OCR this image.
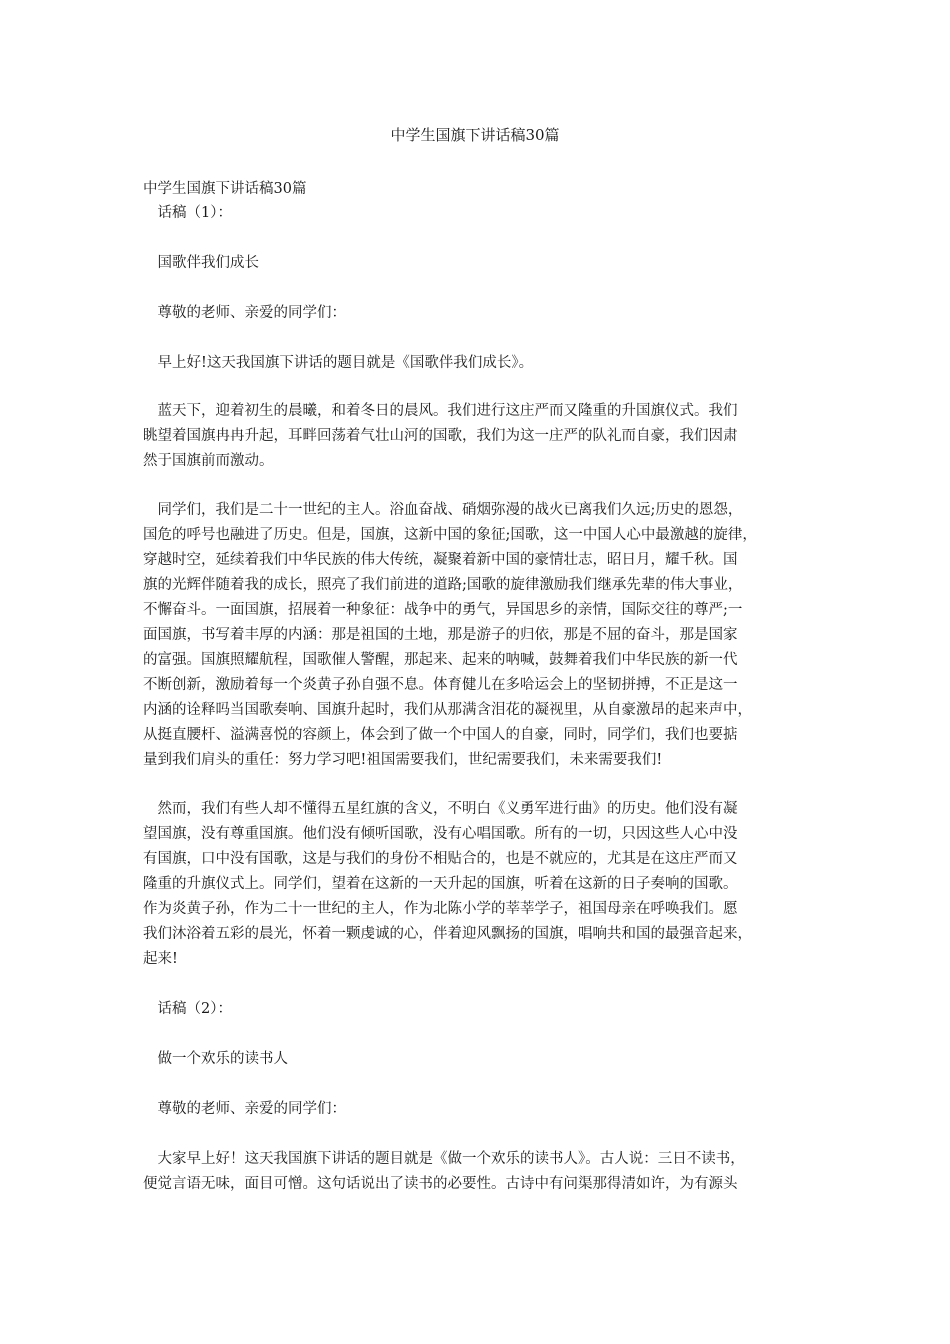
中学生国旗下讲话稿30篇
中学生国旗下讲话稿30篇
　话稿（1）：
　国歌伴我们成长
　尊敬的老师、亲爱的同学们：
　早上好!这天我国旗下讲话的题目就是《国歌伴我们成长》。
　蓝天下，迎着初生的晨曦，和着冬日的晨风。我们进行这庄严而又隆重的升国旗仪式。我们
眺望着国旗冉冉升起，耳畔回荡着气壮山河的国歌，我们为这一庄严的队礼而自豪，我们因肃
然于国旗前而激动。
　同学们，我们是二十一世纪的主人。浴血奋战、硝烟弥漫的战火已离我们久远;历史的恩怨，
国危的呼号也融进了历史。但是，国旗，这新中国的象征;国歌，这一中国人心中最激越的旋律，
穿越时空，延续着我们中华民族的伟大传统，凝聚着新中国的豪情壮志，昭日月，耀千秋。国
旗的光辉伴随着我的成长，照亮了我们前进的道路;国歌的旋律激励我们继承先辈的伟大事业，
不懈奋斗。一面国旗，招展着一种象征：战争中的勇气，异国思乡的亲情，国际交往的尊严;一
面国旗，书写着丰厚的内涵：那是祖国的土地，那是游子的归依，那是不屈的奋斗，那是国家
的富强。国旗照耀航程，国歌催人警醒，那起来、起来的呐喊，鼓舞着我们中华民族的新一代
不断创新，激励着每一个炎黄子孙自强不息。体育健儿在多哈运会上的坚韧拼搏，不正是这一
内涵的诠释吗当国歌奏响、国旗升起时，我们从那满含泪花的凝视里，从自豪激昂的起来声中，
从挺直腰杆、溢满喜悦的容颜上，体会到了做一个中国人的自豪，同时，同学们，我们也要掂
量到我们肩头的重任：努力学习吧!祖国需要我们，世纪需要我们，未来需要我们!
　然而，我们有些人却不懂得五星红旗的含义，不明白《义勇军进行曲》的历史。他们没有凝
望国旗，没有尊重国旗。他们没有倾听国歌，没有心唱国歌。所有的一切，只因这些人心中没
有国旗，口中没有国歌，这是与我们的身份不相贴合的，也是不就应的，尤其是在这庄严而又
隆重的升旗仪式上。同学们，望着在这新的一天升起的国旗，听着在这新的日子奏响的国歌。
作为炎黄子孙，作为二十一世纪的主人，作为北陈小学的莘莘学子，祖国母亲在呼唤我们。愿
我们沐浴着五彩的晨光，怀着一颗虔诚的心，伴着迎风飘扬的国旗，唱响共和国的最强音起来，
起来!
　话稿（2）：
　做一个欢乐的读书人
　尊敬的老师、亲爱的同学们：
　大家早上好！这天我国旗下讲话的题目就是《做一个欢乐的读书人》。古人说：三日不读书，
便觉言语无味，面目可憎。这句话说出了读书的必要性。古诗中有问渠那得清如许，为有源头
